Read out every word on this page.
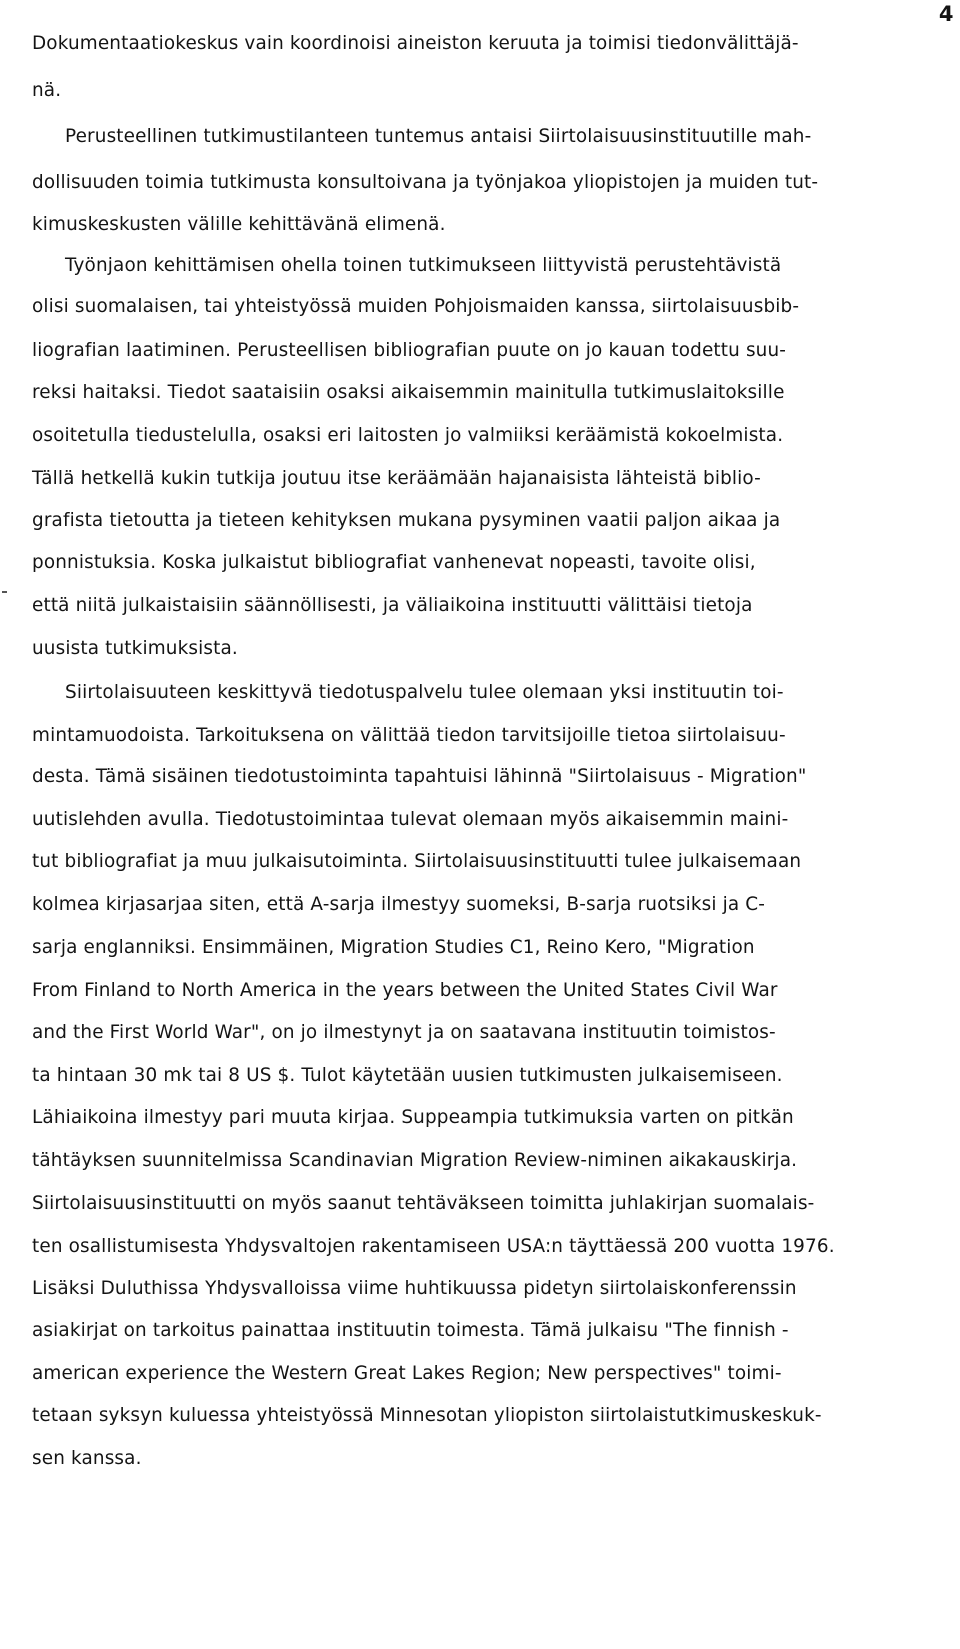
4
Dokumentaatiokeskus vain koordinoisi aineiston keruuta ja toimisi tiedonvälittäjä-
nä.
Perusteellinen tutkimustilanteen tuntemus antaisi Siirtolaisuusinstituutille mah-
dollisuuden toimia tutkimusta konsultoivana ja työnjakoa yliopistojen ja muiden tut-
kimuskeskusten välille kehittävänä elimenä.
Työnjaon kehittämisen ohella toinen tutkimukseen liittyvistä perustehtävistä
olisi suomalaisen, tai yhteistyössä muiden Pohjoismaiden kanssa, siirtolaisuusbib-
liografian laatiminen. Perusteellisen bibliografian puute on jo kauan todettu suu-
reksi haitaksi. Tiedot saataisiin osaksi aikaisemmin mainitulla tutkimuslaitoksille
osoitetulla tiedustelulla, osaksi eri laitosten jo valmiiksi keräämistä kokoelmista.
Tällä hetkellä kukin tutkija joutuu itse keräämään hajanaisista lähteistä biblio-
grafista tietoutta ja tieteen kehityksen mukana pysyminen vaatii paljon aikaa ja
ponnistuksia. Koska julkaistut bibliografiat vanhenevat nopeasti, tavoite olisi,
että niitä julkaistaisiin säännöllisesti, ja väliaikoina instituutti välittäisi tietoja
uusista tutkimuksista.
Siirtolaisuuteen keskittyvä tiedotuspalvelu tulee olemaan yksi instituutin toi-
mintamuodoista. Tarkoituksena on välittää tiedon tarvitsijoille tietoa siirtolaisuu-
desta. Tämä sisäinen tiedotustoiminta tapahtuisi lähinnä "Siirtolaisuus - Migration"
uutislehden avulla. Tiedotustoimintaa tulevat olemaan myös aikaisemmin maini-
tut bibliografiat ja muu julkaisutoiminta. Siirtolaisuusinstituutti tulee julkaisemaan
kolmea kirjasarjaa siten, että A-sarja ilmestyy suomeksi, B-sarja ruotsiksi ja C-
sarja englanniksi. Ensimmäinen, Migration Studies C1, Reino Kero, "Migration
From Finland to North America in the years between the United States Civil War
and the First World War", on jo ilmestynyt ja on saatavana instituutin toimistos-
ta hintaan 30 mk tai 8 US $. Tulot käytetään uusien tutkimusten julkaisemiseen.
Lähiaikoina ilmestyy pari muuta kirjaa. Suppeampia tutkimuksia varten on pitkän
tähtäyksen suunnitelmissa Scandinavian Migration Review-niminen aikakauskirja.
Siirtolaisuusinstituutti on myös saanut tehtäväkseen toimitta juhlakirjan suomalais-
ten osallistumisesta Yhdysvaltojen rakentamiseen USA:n täyttäessä 200 vuotta 1976.
Lisäksi Duluthissa Yhdysvalloissa viime huhtikuussa pidetyn siirtolaiskonferenssin
asiakirjat on tarkoitus painattaa instituutin toimesta. Tämä julkaisu "The finnish -
american experience the Western Great Lakes Region; New perspectives" toimi-
tetaan syksyn kuluessa yhteistyössä Minnesotan yliopiston siirtolaistutkimuskeskuk-
sen kanssa.
